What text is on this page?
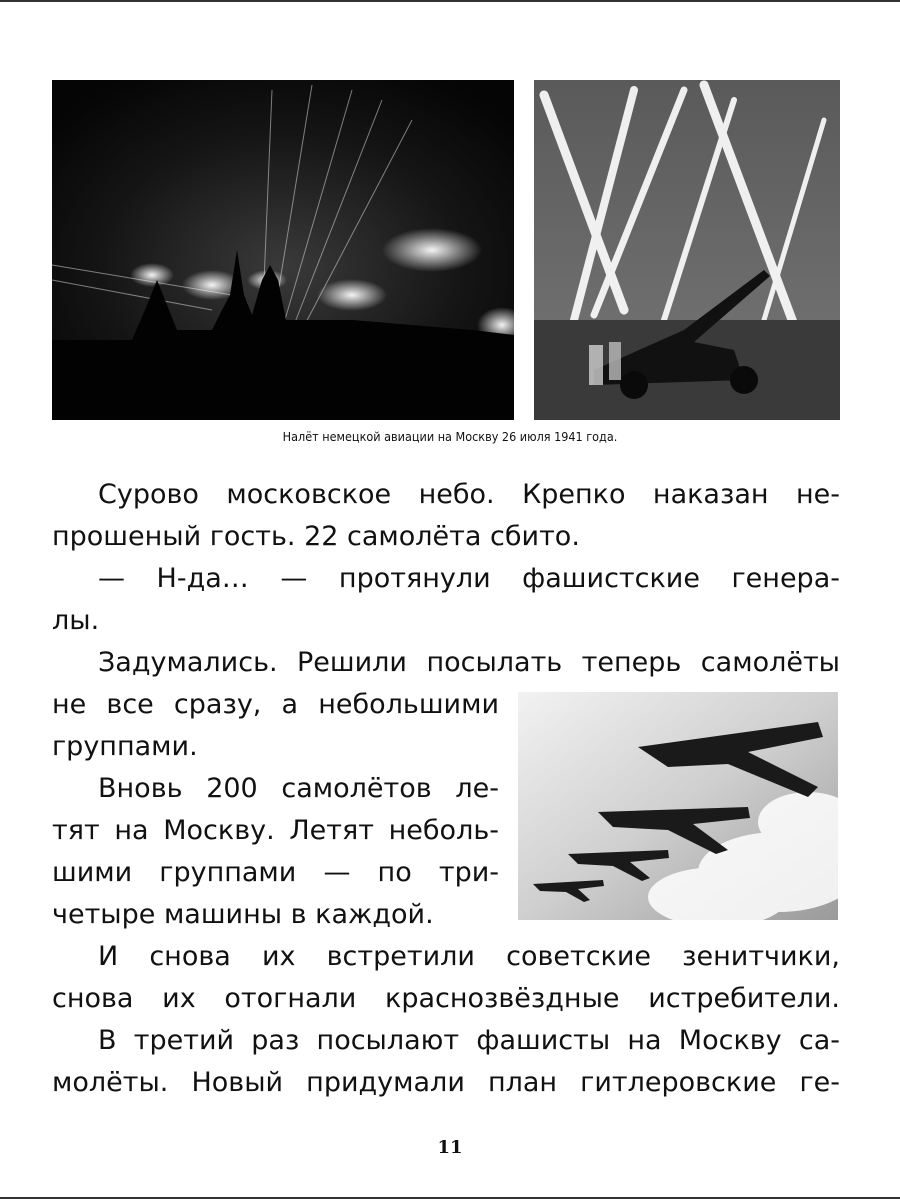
Налёт немецкой авиации на Москву 26 июля 1941 года.
Сурово московское небо. Крепко наказан не-
прошеный гость. 22 самолёта сбито.
— Н-да… — протянули фашистские генера-
лы.
Задумались. Решили посылать теперь самолёты
не все сразу, а небольшими
группами.
Вновь 200 самолётов ле-
тят на Москву. Летят неболь-
шими группами — по три-
четыре машины в каждой.
И снова их встретили советские зенитчики,
снова их отогнали краснозвёздные истребители.
В третий раз посылают фашисты на Москву са-
молёты. Новый придумали план гитлеровские ге-
11
